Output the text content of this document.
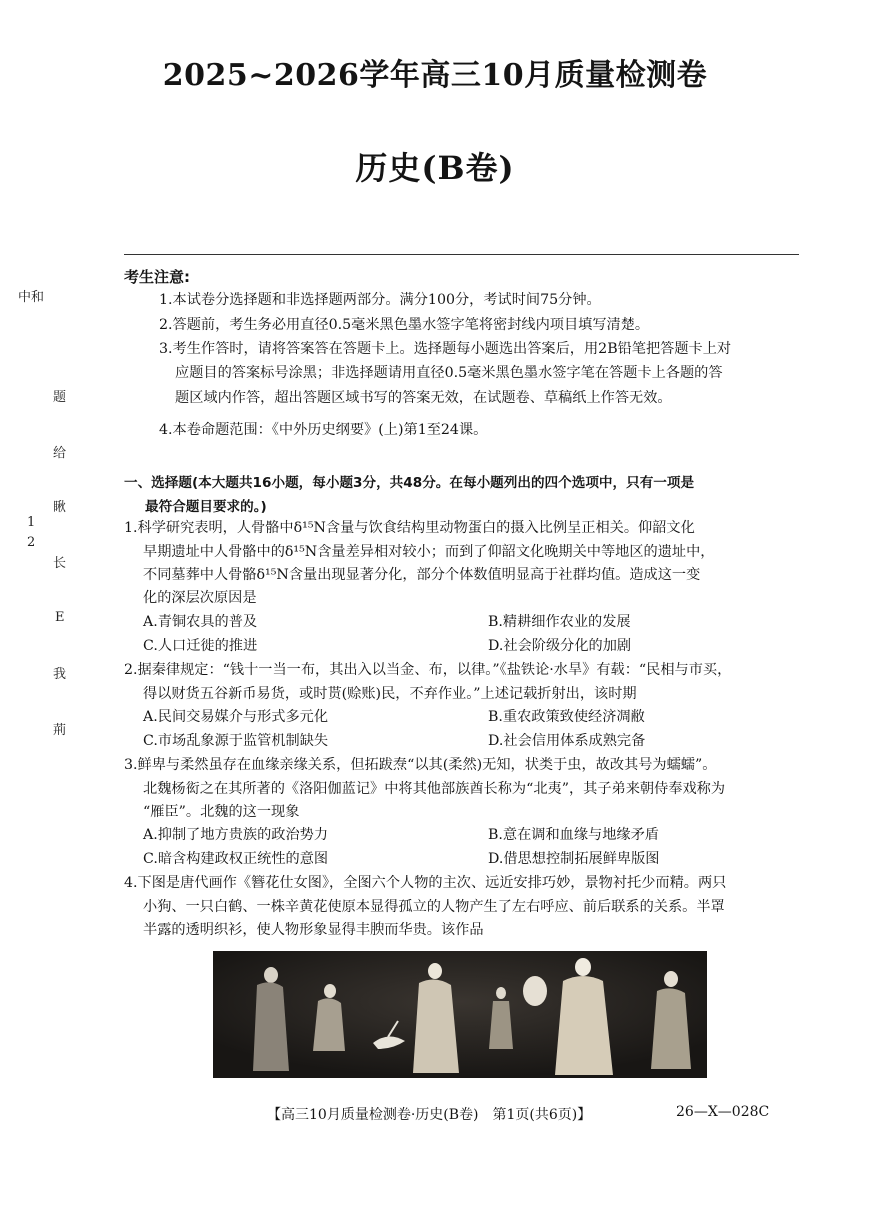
2025~2026学年高三10月质量检测卷
历史(B卷)
中和
题
给
瞅
1
2
长
E
我
荊
考生注意:
1.本试卷分选择题和非选择题两部分。满分100分，考试时间75分钟。
2.答题前，考生务必用直径0.5毫米黑色墨水签字笔将密封线内项目填写清楚。
3.考生作答时，请将答案答在答题卡上。选择题每小题选出答案后，用2B铅笔把答题卡上对
应题目的答案标号涂黑；非选择题请用直径0.5毫米黑色墨水签字笔在答题卡上各题的答
题区域内作答，超出答题区域书写的答案无效，在试题卷、草稿纸上作答无效。
4.本卷命题范围：《中外历史纲要》(上)第1至24课。
一、选择题(本大题共16小题，每小题3分，共48分。在每小题列出的四个选项中，只有一项是
最符合题目要求的。)
1.科学研究表明，人骨骼中δ¹⁵N含量与饮食结构里动物蛋白的摄入比例呈正相关。仰韶文化
早期遗址中人骨骼中的δ¹⁵N含量差异相对较小；而到了仰韶文化晚期关中等地区的遗址中，
不同墓葬中人骨骼δ¹⁵N含量出现显著分化，部分个体数值明显高于社群均值。造成这一变
化的深层次原因是
A.青铜农具的普及	B.精耕细作农业的发展
C.人口迁徙的推进	D.社会阶级分化的加剧
2.据秦律规定：“钱十一当一布，其出入以当金、布，以律。”《盐铁论·水旱》有载：“民相与市买，
得以财货五谷新币易货，或时贳(赊账)民，不弃作业。”上述记载折射出，该时期
A.民间交易媒介与形式多元化	B.重农政策致使经济凋敝
C.市场乱象源于监管机制缺失	D.社会信用体系成熟完备
3.鲜卑与柔然虽存在血缘亲缘关系，但拓跋焘“以其(柔然)无知，状类于虫，故改其号为蠕蠕”。
北魏杨衒之在其所著的《洛阳伽蓝记》中将其他部族酋长称为“北夷”，其子弟来朝侍奉戏称为
“雁臣”。北魏的这一现象
A.抑制了地方贵族的政治势力	B.意在调和血缘与地缘矛盾
C.暗含构建政权正统性的意图	D.借思想控制拓展鲜卑版图
4.下图是唐代画作《簪花仕女图》，全图六个人物的主次、远近安排巧妙，景物衬托少而精。两只
小狗、一只白鹤、一株辛黄花使原本显得孤立的人物产生了左右呼应、前后联系的关系。半罩
半露的透明织衫，使人物形象显得丰腴而华贵。该作品
【高三10月质量检测卷·历史(B卷)　第1页(共6页)】	26—X—028C
